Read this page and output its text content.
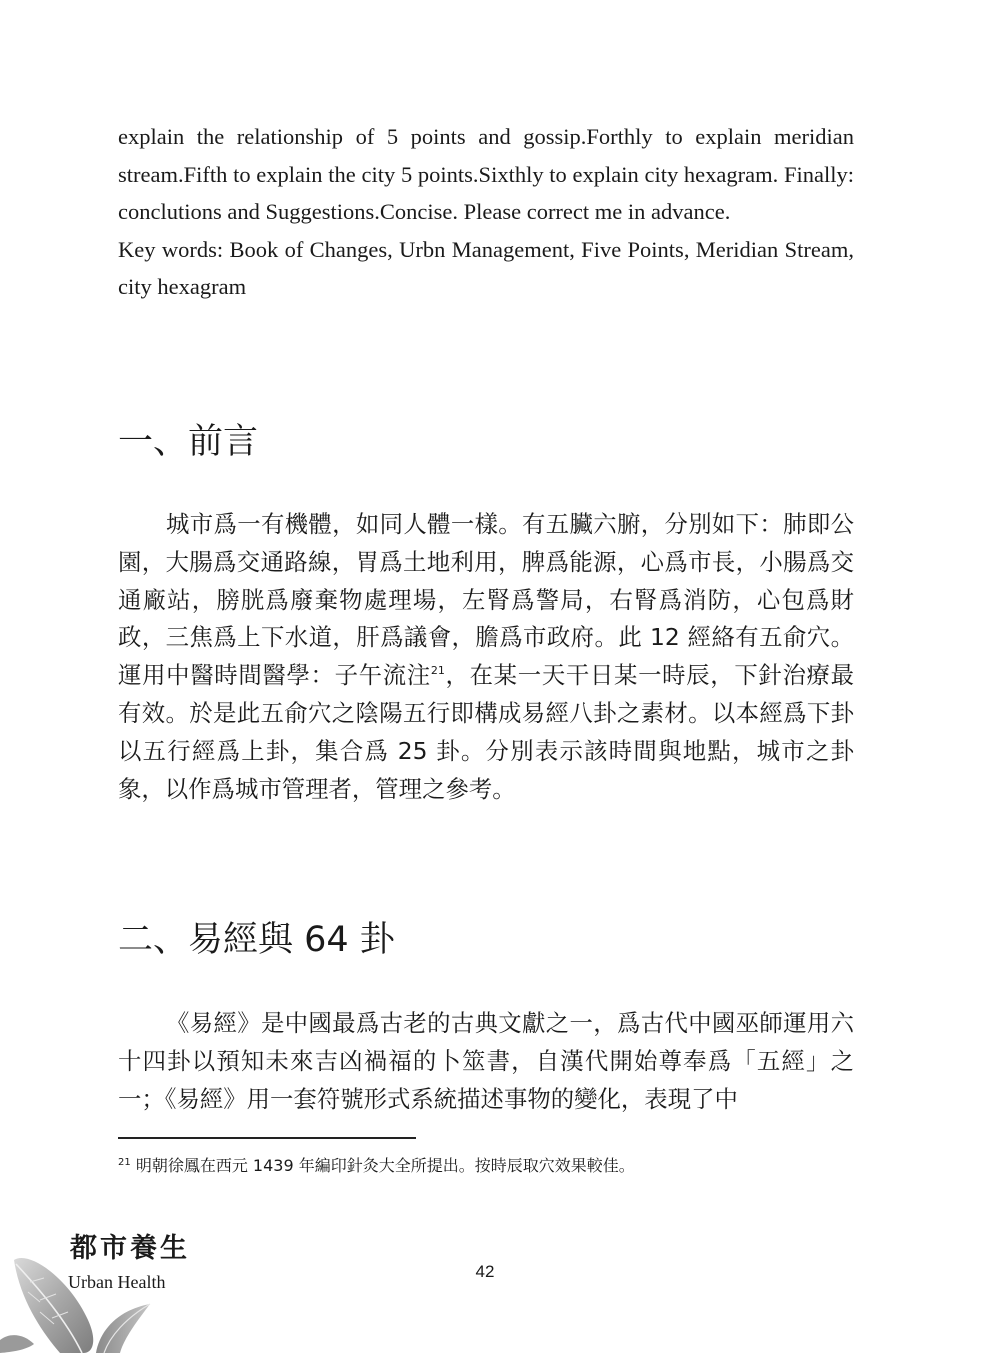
explain the relationship of 5 points and gossip.Forthly to explain meridian stream.Fifth to explain the city 5 points.Sixthly to explain city hexagram. Finally: conclutions and Suggestions.Concise. Please correct me in advance.
Key words: Book of Changes, Urbn Management, Five Points, Meridian Stream, city hexagram

一、前言

城市爲一有機體，如同人體一樣。有五臟六腑，分別如下：肺即公園，大腸爲交通路線，胃爲土地利用，脾爲能源，心爲市長，小腸爲交通廠站，膀胱爲廢棄物處理場，左腎爲警局，右腎爲消防，心包爲財政，三焦爲上下水道，肝爲議會，膽爲市政府。此 12 經絡有五俞穴。運用中醫時間醫學：子午流注$^{21}$，在某一天干日某一時辰，下針治療最有效。於是此五俞穴之陰陽五行即構成易經八卦之素材。以本經爲下卦以五行經爲上卦，集合爲 25 卦。分別表示該時間與地點，城市之卦象，以作爲城市管理者，管理之參考。

二、易經與 64 卦

《易經》是中國最爲古老的古典文獻之一，爲古代中國巫師運用六十四卦以預知未來吉凶禍福的卜筮書，自漢代開始尊奉爲「五經」之一；《易經》用一套符號形式系統描述事物的變化，表現了中

$^{21}$ 明朝徐鳳在西元 1439 年編印針灸大全所提出。按時辰取穴效果較佳。

都市養生

Urban Health

42
